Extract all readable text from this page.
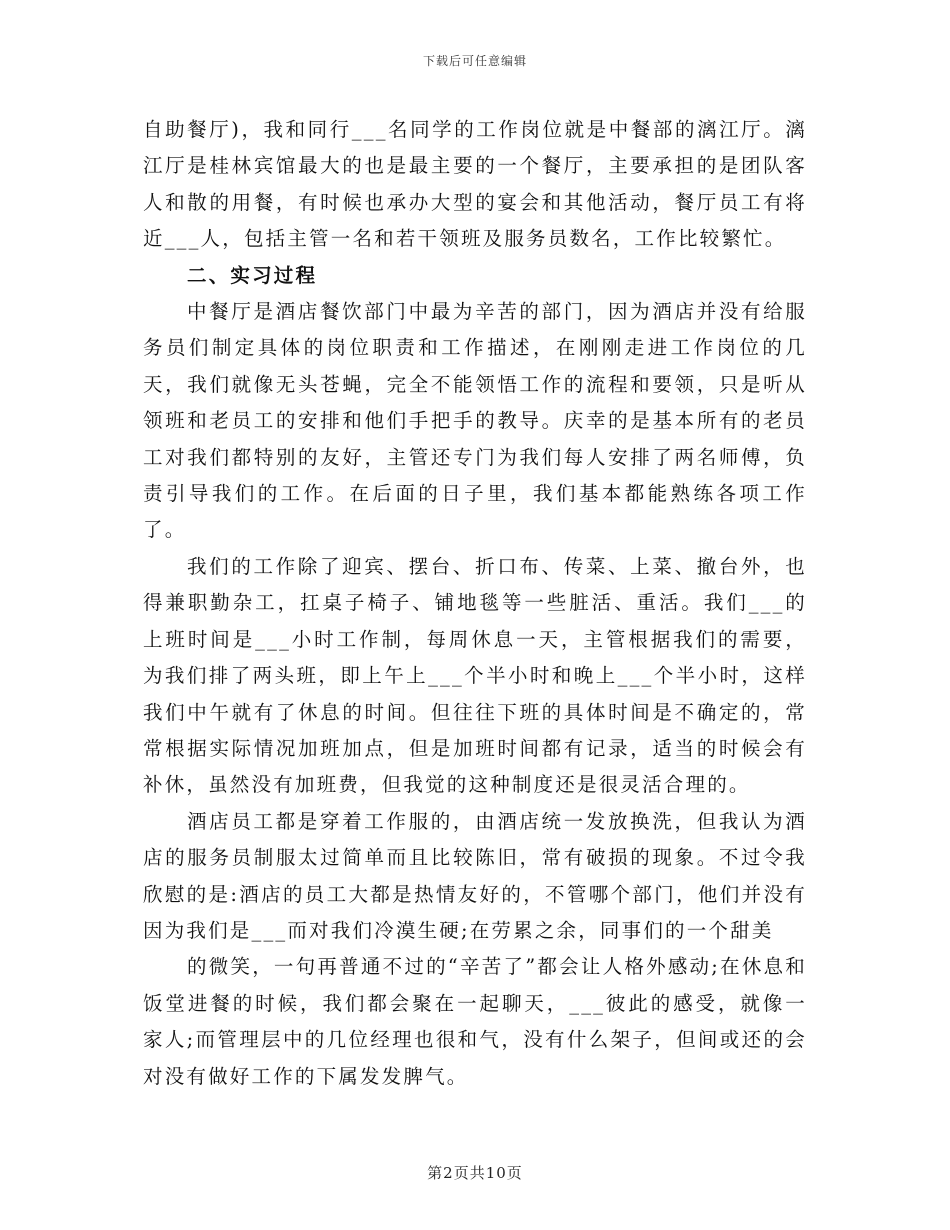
下载后可任意编辑

自助餐厅)，我和同行___名同学的工作岗位就是中餐部的漓江厅。漓江厅是桂林宾馆最大的也是最主要的一个餐厅，主要承担的是团队客人和散的用餐，有时候也承办大型的宴会和其他活动，餐厅员工有将近___人，包括主管一名和若干领班及服务员数名，工作比较繁忙。

二、实习过程

中餐厅是酒店餐饮部门中最为辛苦的部门，因为酒店并没有给服务员们制定具体的岗位职责和工作描述，在刚刚走进工作岗位的几天，我们就像无头苍蝇，完全不能领悟工作的流程和要领，只是听从领班和老员工的安排和他们手把手的教导。庆幸的是基本所有的老员工对我们都特别的友好，主管还专门为我们每人安排了两名师傅，负责引导我们的工作。在后面的日子里，我们基本都能熟练各项工作了。

我们的工作除了迎宾、摆台、折口布、传菜、上菜、撤台外，也得兼职勤杂工，扛桌子椅子、铺地毯等一些脏活、重活。我们___的上班时间是___小时工作制，每周休息一天，主管根据我们的需要，为我们排了两头班，即上午上___个半小时和晚上___个半小时，这样我们中午就有了休息的时间。但往往下班的具体时间是不确定的，常常根据实际情况加班加点，但是加班时间都有记录，适当的时候会有补休，虽然没有加班费，但我觉的这种制度还是很灵活合理的。

酒店员工都是穿着工作服的，由酒店统一发放换洗，但我认为酒店的服务员制服太过简单而且比较陈旧，常有破损的现象。不过令我欣慰的是:酒店的员工大都是热情友好的，不管哪个部门，他们并没有因为我们是___而对我们冷漠生硬;在劳累之余，同事们的一个甜美

的微笑，一句再普通不过的“辛苦了”都会让人格外感动;在休息和饭堂进餐的时候，我们都会聚在一起聊天，___彼此的感受，就像一家人;而管理层中的几位经理也很和气，没有什么架子，但间或还的会对没有做好工作的下属发发脾气。

第2页共10页
